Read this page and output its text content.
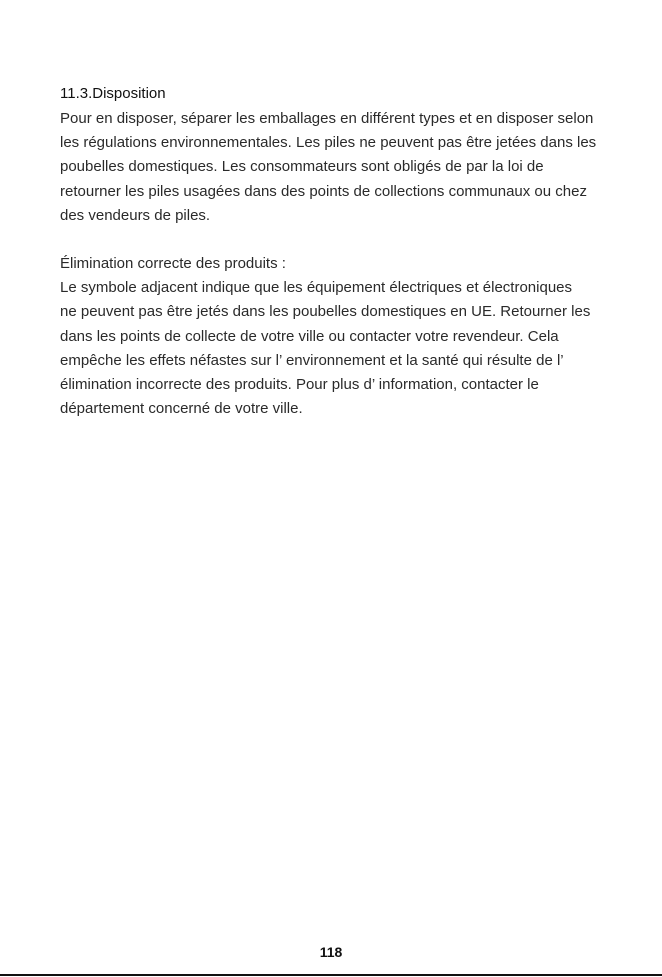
11.3.Disposition

Pour en disposer, séparer les emballages en différent types et en disposer selon
les régulations environnementales. Les piles ne peuvent pas être jetées dans les
poubelles domestiques. Les consommateurs sont obligés de par la loi de
retourner les piles usagées dans des points de collections communaux ou chez
des vendeurs de piles.

Élimination correcte des produits :
Le symbole adjacent indique que les équipement électriques et électroniques
ne peuvent pas être jetés dans les poubelles domestiques en UE. Retourner les
dans les points de collecte de votre ville ou contacter votre revendeur. Cela
empêche les effets néfastes sur l’ environnement et la santé qui résulte de l’
élimination incorrecte des produits. Pour plus d’ information, contacter le
département concerné de votre ville.

118
